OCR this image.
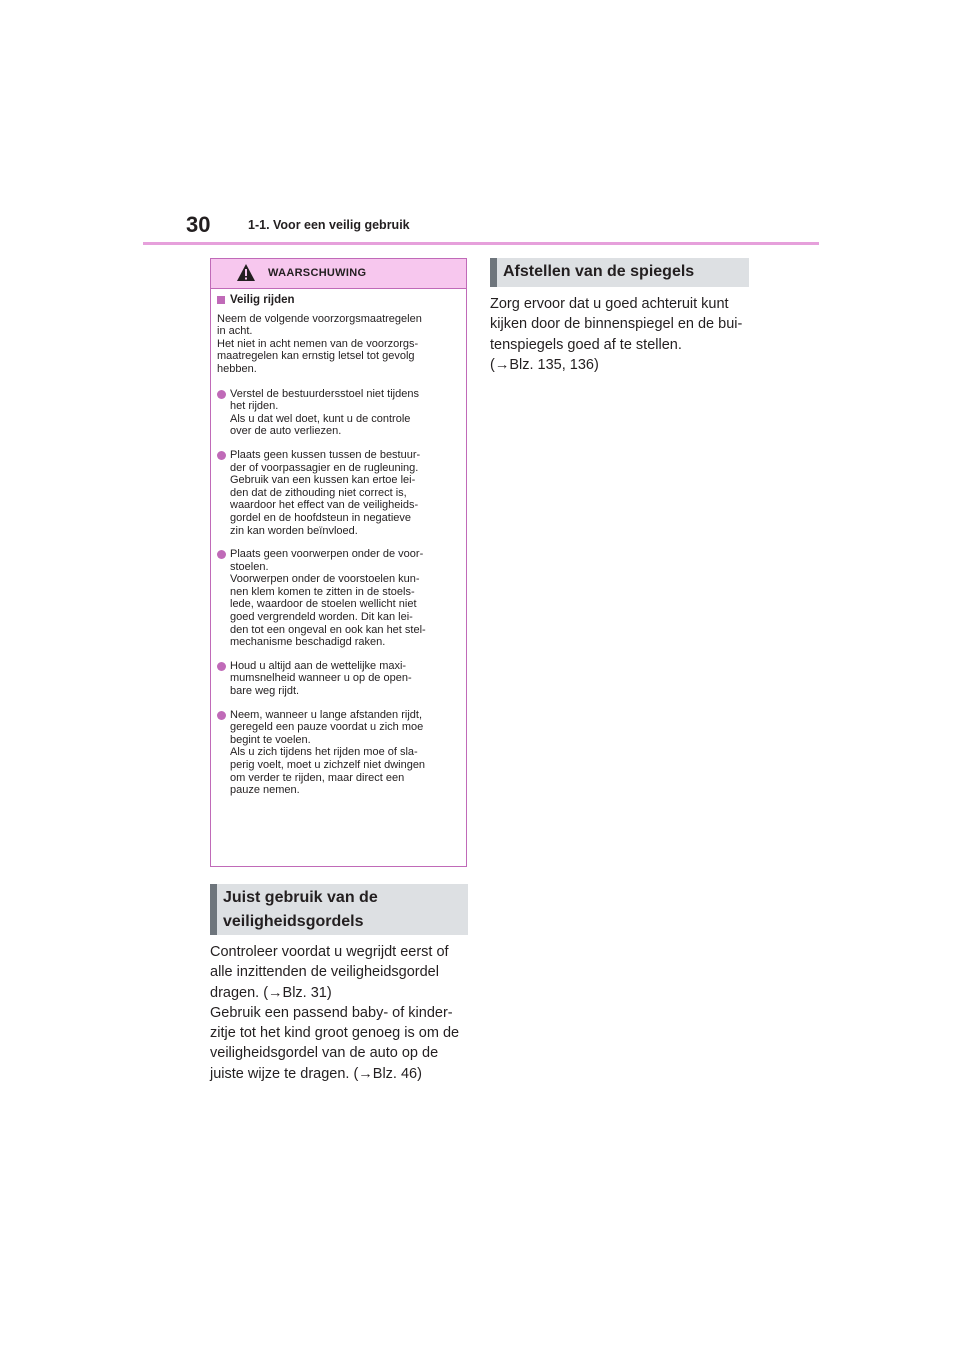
30	1-1. Voor een veilig gebruik
WAARSCHUWING
Veilig rijden

Neem de volgende voorzorgsmaatregelen

in acht.

Het niet in acht nemen van de voorzorgs-

maatregelen kan ernstig letsel tot gevolg

hebben.

Verstel de bestuurdersstoel niet tijdens

het rijden.

Als u dat wel doet, kunt u de controle

over de auto verliezen.

Plaats geen kussen tussen de bestuur-

der of voorpassagier en de rugleuning.

Gebruik van een kussen kan ertoe lei-

den dat de zithouding niet correct is,

waardoor het effect van de veiligheids-

gordel en de hoofdsteun in negatieve

zin kan worden beïnvloed.

Plaats geen voorwerpen onder de voor-

stoelen.

Voorwerpen onder de voorstoelen kun-

nen klem komen te zitten in de stoels-

lede, waardoor de stoelen wellicht niet

goed vergrendeld worden. Dit kan lei-

den tot een ongeval en ook kan het stel-

mechanisme beschadigd raken.

Houd u altijd aan de wettelijke maxi-

mumsnelheid wanneer u op de open-

bare weg rijdt.

Neem, wanneer u lange afstanden rijdt,

geregeld een pauze voordat u zich moe

begint te voelen.

Als u zich tijdens het rijden moe of sla-

perig voelt, moet u zichzelf niet dwingen

om verder te rijden, maar direct een

pauze nemen.

Juist gebruik van de
veiligheidsgordels

Controleer voordat u wegrijdt eerst of

alle inzittenden de veiligheidsgordel

dragen. (→Blz. 31)

Gebruik een passend baby- of kinder-

zitje tot het kind groot genoeg is om de

veiligheidsgordel van de auto op de

juiste wijze te dragen. (→Blz. 46)

Afstellen van de spiegels

Zorg ervoor dat u goed achteruit kunt

kijken door de binnenspiegel en de bui-

tenspiegels goed af te stellen.

(→Blz. 135, 136)
